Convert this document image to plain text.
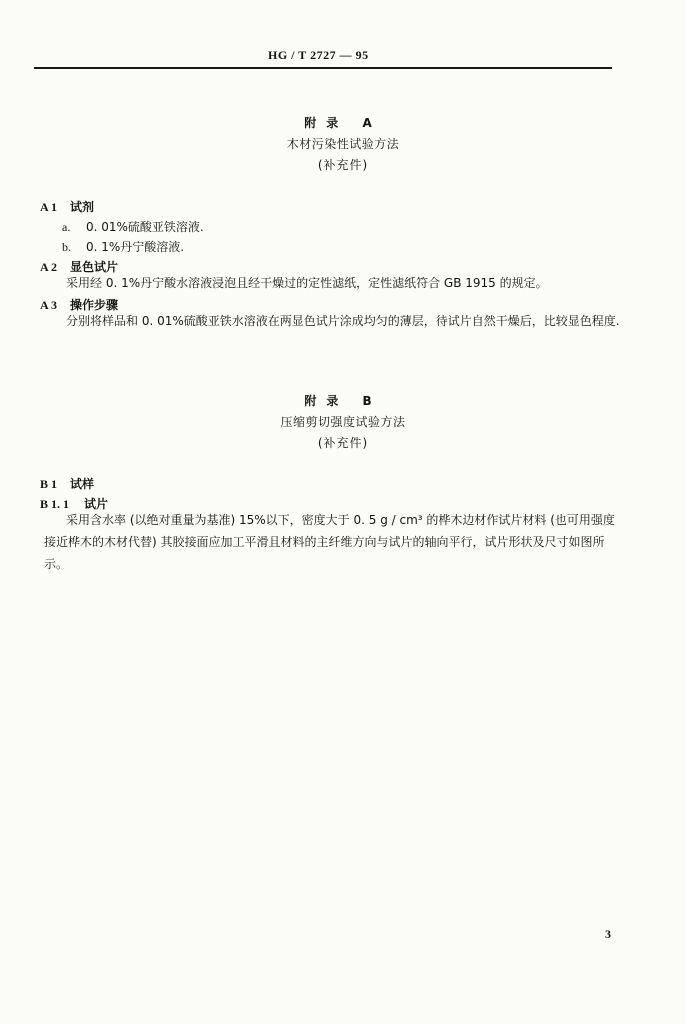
HG / T 2727 — 95
附录 A
木材污染性试验方法
(补充件)
A 1 试剂
a. 0. 01%硫酸亚铁溶液.
b. 0. 1%丹宁酸溶液.
A 2 显色试片
采用经 0. 1%丹宁酸水溶液浸泡且经干燥过的定性滤纸，定性滤纸符合 GB 1915 的规定。
A 3 操作步骤
分别将样品和 0. 01%硫酸亚铁水溶液在两显色试片涂成均匀的薄层，待试片自然干燥后，比较显色程度.
附录 B
压缩剪切强度试验方法
(补充件)
B 1 试样
B 1. 1 试片
采用含水率 (以绝对重量为基准) 15%以下，密度大于 0. 5 g / cm³ 的桦木边材作试片材料 (也可用强度接近桦木的木材代替) 其胶接面应加工平滑且材料的主纤维方向与试片的轴向平行，试片形状及尺寸如图所示。
3
